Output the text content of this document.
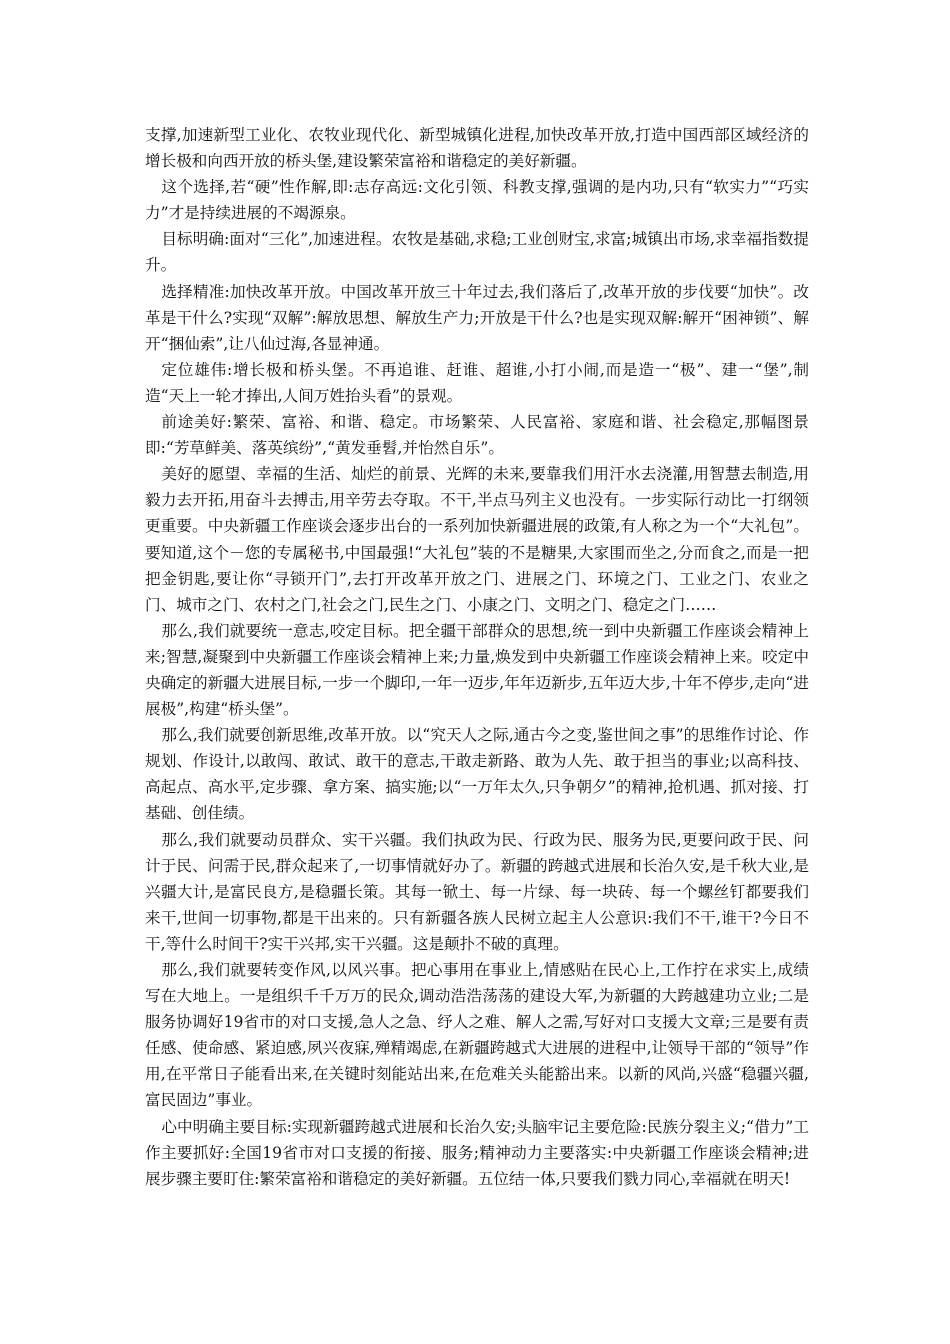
支撑,加速新型工业化、农牧业现代化、新型城镇化进程,加快改革开放,打造中国西部区域经济的增长极和向西开放的桥头堡,建设繁荣富裕和谐稳定的美好新疆。

这个选择,若“硬”性作解,即:志存高远:文化引领、科教支撑,强调的是内功,只有“软实力”“巧实力”才是持续进展的不竭源泉。

目标明确:面对“三化”,加速进程。农牧是基础,求稳;工业创财宝,求富;城镇出市场,求幸福指数提升。

选择精准:加快改革开放。中国改革开放三十年过去,我们落后了,改革开放的步伐要“加快”。改革是干什么?实现“双解”:解放思想、解放生产力;开放是干什么?也是实现双解:解开“困神锁”、解开“捆仙索”,让八仙过海,各显神通。

定位雄伟:增长极和桥头堡。不再追谁、赶谁、超谁,小打小闹,而是造一“极”、建一“堡”,制造“天上一轮才捧出,人间万姓抬头看”的景观。

前途美好:繁荣、富裕、和谐、稳定。市场繁荣、人民富裕、家庭和谐、社会稳定,那幅图景即:“芳草鲜美、落英缤纷”,“黄发垂髫,并怡然自乐”。

美好的愿望、幸福的生活、灿烂的前景、光辉的未来,要靠我们用汗水去浇灌,用智慧去制造,用毅力去开拓,用奋斗去搏击,用辛劳去夺取。不干,半点马列主义也没有。一步实际行动比一打纲领更重要。中央新疆工作座谈会逐步出台的一系列加快新疆进展的政策,有人称之为一个“大礼包”。要知道,这个－您的专属秘书,中国最强!“大礼包”装的不是糖果,大家围而坐之,分而食之,而是一把把金钥匙,要让你“寻锁开门”,去打开改革开放之门、进展之门、环境之门、工业之门、农业之门、城市之门、农村之门,社会之门,民生之门、小康之门、文明之门、稳定之门……

那么,我们就要统一意志,咬定目标。把全疆干部群众的思想,统一到中央新疆工作座谈会精神上来;智慧,凝聚到中央新疆工作座谈会精神上来;力量,焕发到中央新疆工作座谈会精神上来。咬定中央确定的新疆大进展目标,一步一个脚印,一年一迈步,年年迈新步,五年迈大步,十年不停步,走向“进展极”,构建“桥头堡”。

那么,我们就要创新思维,改革开放。以“究天人之际,通古今之变,鉴世间之事”的思维作讨论、作规划、作设计,以敢闯、敢试、敢干的意志,干敢走新路、敢为人先、敢于担当的事业;以高科技、高起点、高水平,定步骤、拿方案、搞实施;以“一万年太久,只争朝夕”的精神,抢机遇、抓对接、打基础、创佳绩。

那么,我们就要动员群众、实干兴疆。我们执政为民、行政为民、服务为民,更要问政于民、问计于民、问需于民,群众起来了,一切事情就好办了。新疆的跨越式进展和长治久安,是千秋大业,是兴疆大计,是富民良方,是稳疆长策。其每一锨土、每一片绿、每一块砖、每一个螺丝钉都要我们来干,世间一切事物,都是干出来的。只有新疆各族人民树立起主人公意识:我们不干,谁干?今日不干,等什么时间干?实干兴邦,实干兴疆。这是颠扑不破的真理。

那么,我们就要转变作风,以风兴事。把心事用在事业上,情感贴在民心上,工作拧在求实上,成绩写在大地上。一是组织千千万万的民众,调动浩浩荡荡的建设大军,为新疆的大跨越建功立业;二是服务协调好19省市的对口支援,急人之急、纾人之难、解人之需,写好对口支援大文章;三是要有责任感、使命感、紧迫感,夙兴夜寐,殚精竭虑,在新疆跨越式大进展的进程中,让领导干部的“领导”作用,在平常日子能看出来,在关键时刻能站出来,在危难关头能豁出来。以新的风尚,兴盛“稳疆兴疆,富民固边”事业。

心中明确主要目标:实现新疆跨越式进展和长治久安;头脑牢记主要危险:民族分裂主义;“借力”工作主要抓好:全国19省市对口支援的衔接、服务;精神动力主要落实:中央新疆工作座谈会精神;进展步骤主要盯住:繁荣富裕和谐稳定的美好新疆。五位结一体,只要我们戮力同心,幸福就在明天!
